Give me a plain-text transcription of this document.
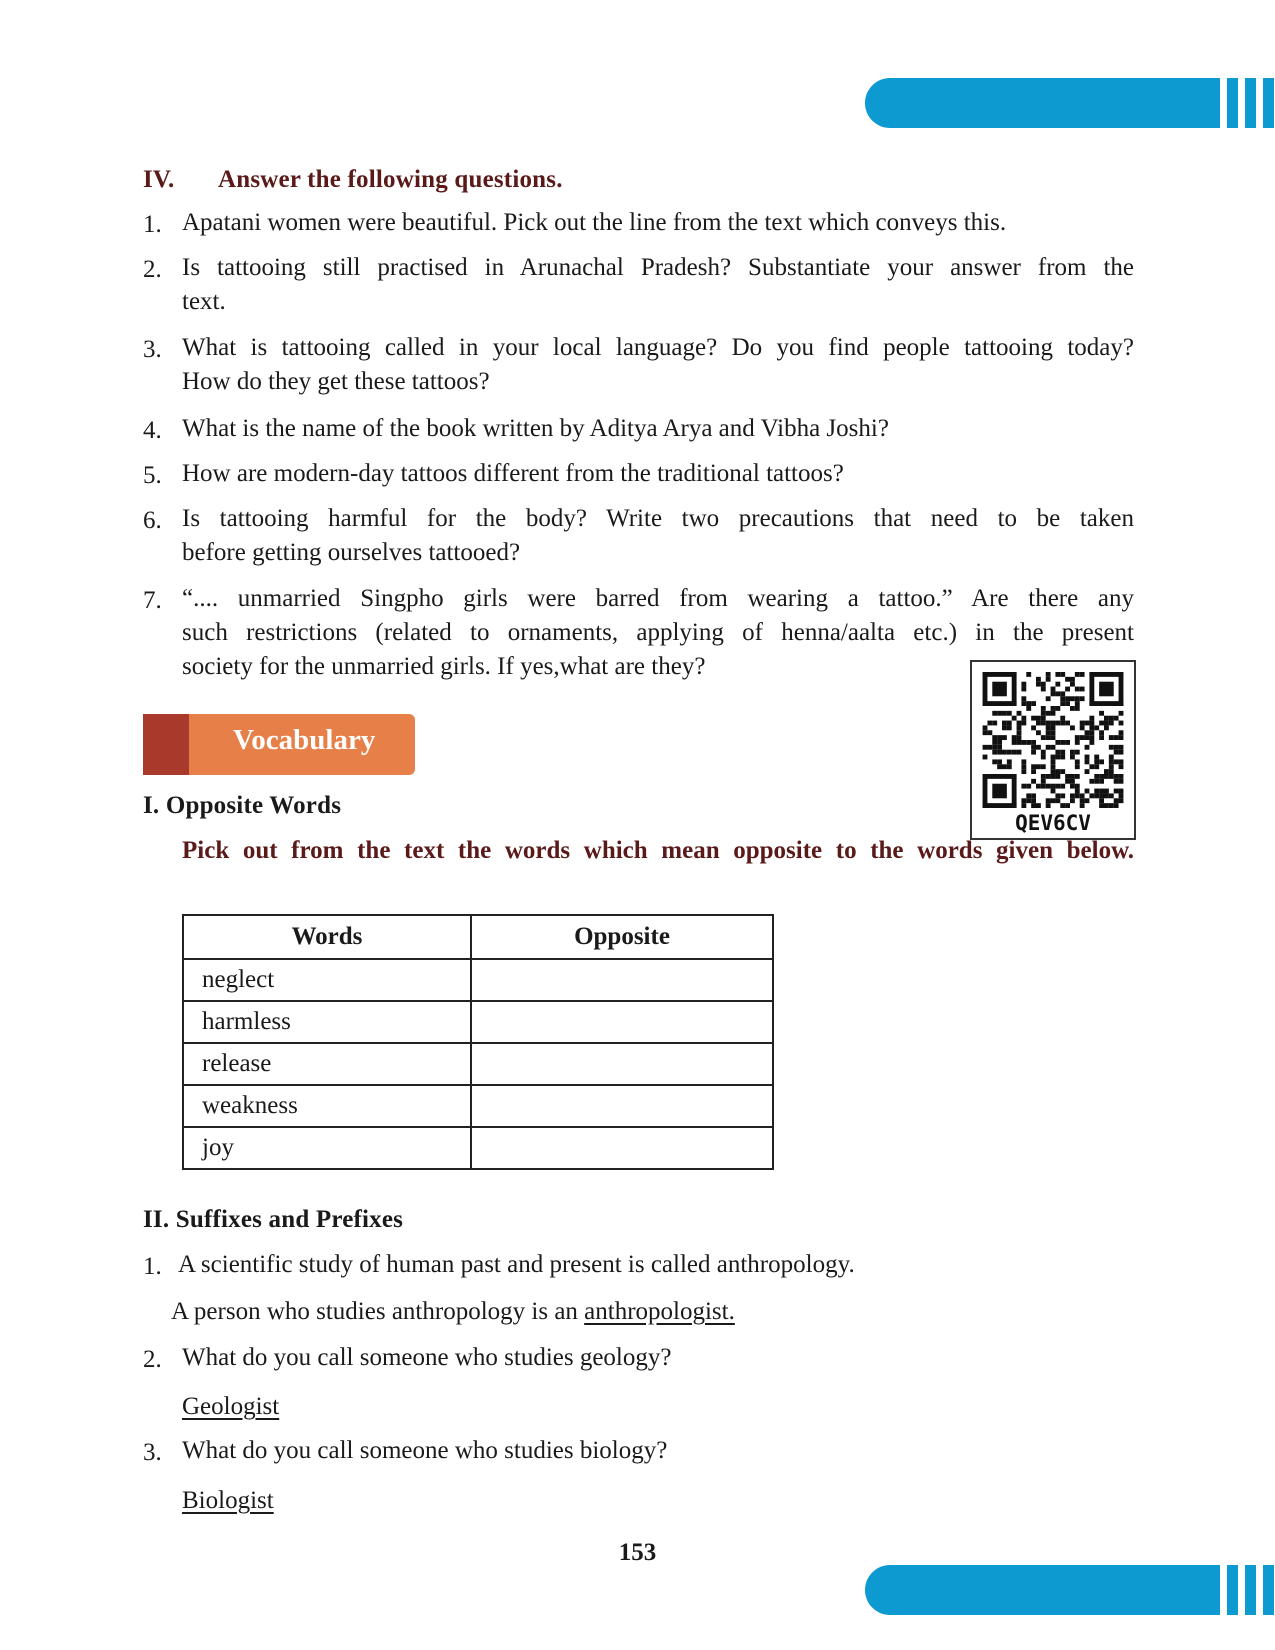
IV. Answer the following questions.
1. Apatani women were beautiful. Pick out the line from the text which conveys this.
2. Is tattooing still practised in Arunachal Pradesh? Substantiate your answer from the
text.
3. What is tattooing called in your local language? Do you find people tattooing today?
How do they get these tattoos?
4. What is the name of the book written by Aditya Arya and Vibha Joshi?
5. How are modern-day tattoos different from the traditional tattoos?
6. Is tattooing harmful for the body? Write two precautions that need to be taken
before getting ourselves tattooed?
7. “.... unmarried Singpho girls were barred from wearing a tattoo.” Are there any
such restrictions (related to ornaments, applying of henna/aalta etc.) in the present
society for the unmarried girls. If yes,what are they?
QEV6CV
Vocabulary
I. Opposite Words
Pick out from the text the words which mean opposite to the words given below.
Words	Opposite
neglect	
harmless	
release	
weakness	
joy	
II. Suffixes and Prefixes
1. A scientific study of human past and present is called anthropology.
A person who studies anthropology is an anthropologist.
2. What do you call someone who studies geology?
Geologist
3. What do you call someone who studies biology?
Biologist
153
